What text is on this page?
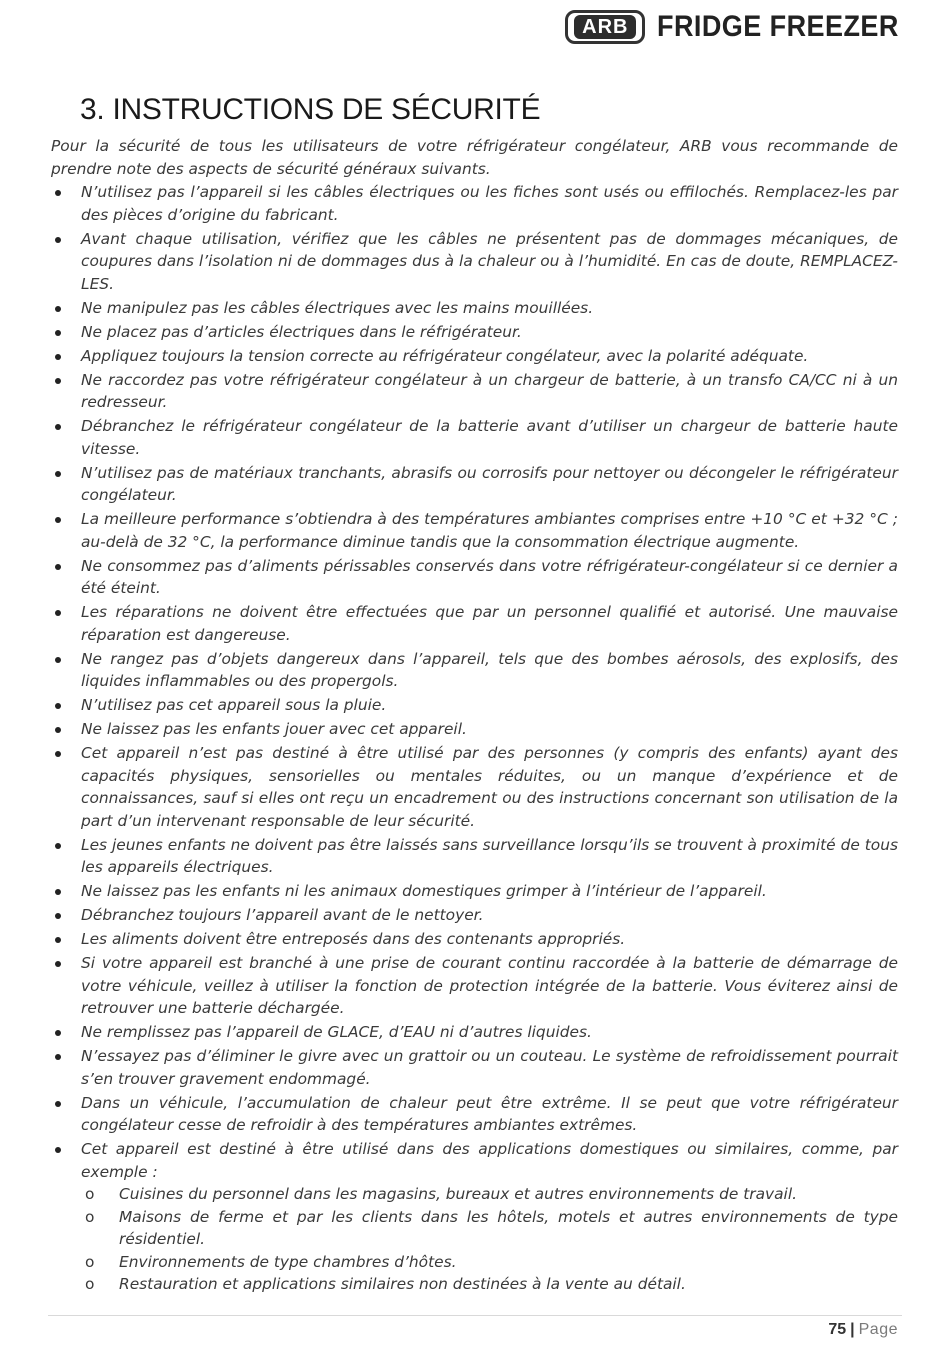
ARB FRIDGE FREEZER
3. INSTRUCTIONS DE SÉCURITÉ

Pour la sécurité de tous les utilisateurs de votre réfrigérateur congélateur, ARB vous recommande de prendre note des aspects de sécurité généraux suivants.

N’utilisez pas l’appareil si les câbles électriques ou les fiches sont usés ou effilochés. Remplacez-les par des pièces d’origine du fabricant.
Avant chaque utilisation, vérifiez que les câbles ne présentent pas de dommages mécaniques, de coupures dans l’isolation ni de dommages dus à la chaleur ou à l’humidité. En cas de doute, REMPLACEZ-LES.
Ne manipulez pas les câbles électriques avec les mains mouillées.
Ne placez pas d’articles électriques dans le réfrigérateur.
Appliquez toujours la tension correcte au réfrigérateur congélateur, avec la polarité adéquate.
Ne raccordez pas votre réfrigérateur congélateur à un chargeur de batterie, à un transfo CA/CC ni à un redresseur.
Débranchez le réfrigérateur congélateur de la batterie avant d’utiliser un chargeur de batterie haute vitesse.
N’utilisez pas de matériaux tranchants, abrasifs ou corrosifs pour nettoyer ou décongeler le réfrigérateur congélateur.
La meilleure performance s’obtiendra à des températures ambiantes comprises entre +10 °C et +32 °C ; au-delà de 32 °C, la performance diminue tandis que la consommation électrique augmente.
Ne consommez pas d’aliments périssables conservés dans votre réfrigérateur-congélateur si ce dernier a été éteint.
Les réparations ne doivent être effectuées que par un personnel qualifié et autorisé. Une mauvaise réparation est dangereuse.
Ne rangez pas d’objets dangereux dans l’appareil, tels que des bombes aérosols, des explosifs, des liquides inflammables ou des propergols.
N’utilisez pas cet appareil sous la pluie.
Ne laissez pas les enfants jouer avec cet appareil.
Cet appareil n’est pas destiné à être utilisé par des personnes (y compris des enfants) ayant des capacités physiques, sensorielles ou mentales réduites, ou un manque d’expérience et de connaissances, sauf si elles ont reçu un encadrement ou des instructions concernant son utilisation de la part d’un intervenant responsable de leur sécurité.
Les jeunes enfants ne doivent pas être laissés sans surveillance lorsqu’ils se trouvent à proximité de tous les appareils électriques.
Ne laissez pas les enfants ni les animaux domestiques grimper à l’intérieur de l’appareil.
Débranchez toujours l’appareil avant de le nettoyer.
Les aliments doivent être entreposés dans des contenants appropriés.
Si votre appareil est branché à une prise de courant continu raccordée à la batterie de démarrage de votre véhicule, veillez à utiliser la fonction de protection intégrée de la batterie. Vous éviterez ainsi de retrouver une batterie déchargée.
Ne remplissez pas l’appareil de GLACE, d’EAU ni d’autres liquides.
N’essayez pas d’éliminer le givre avec un grattoir ou un couteau. Le système de refroidissement pourrait s’en trouver gravement endommagé.
Dans un véhicule, l’accumulation de chaleur peut être extrême. Il se peut que votre réfrigérateur congélateur cesse de refroidir à des températures ambiantes extrêmes.
Cet appareil est destiné à être utilisé dans des applications domestiques ou similaires, comme, par exemple :
o Cuisines du personnel dans les magasins, bureaux et autres environnements de travail.
o Maisons de ferme et par les clients dans les hôtels, motels et autres environnements de type résidentiel.
o Environnements de type chambres d’hôtes.
o Restauration et applications similaires non destinées à la vente au détail.
75 | Page
